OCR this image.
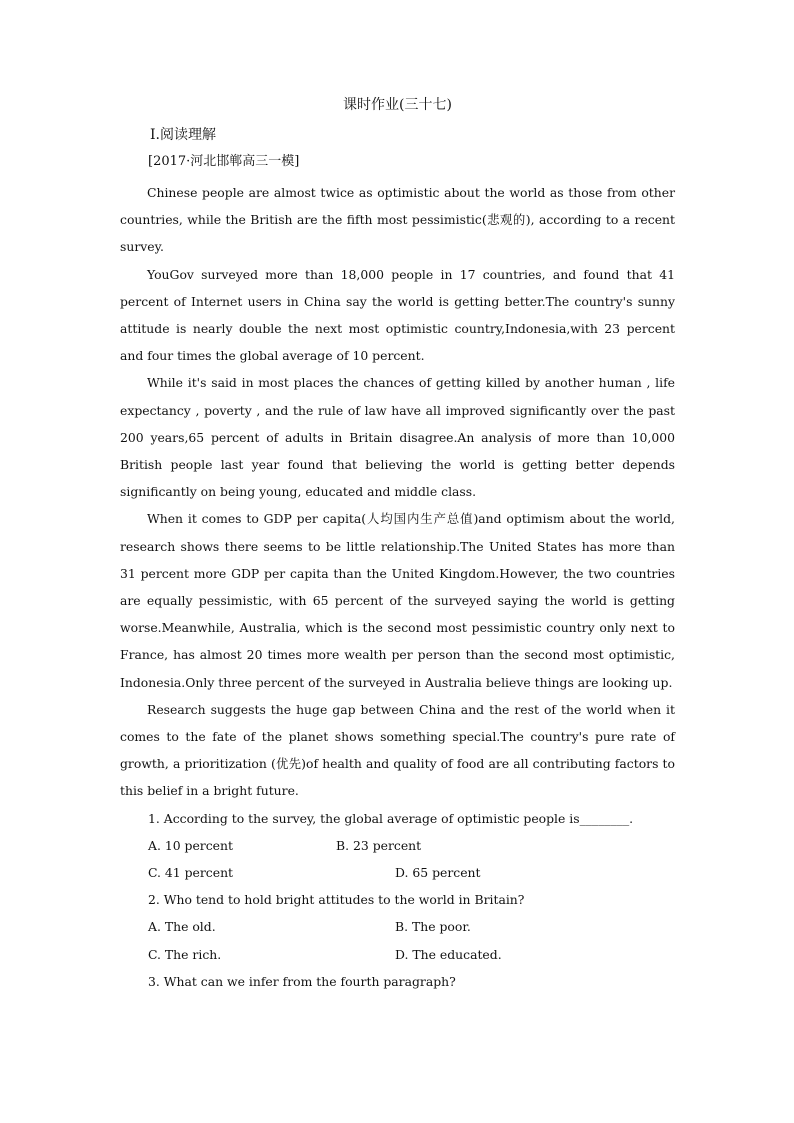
课时作业(三十七)
Ⅰ.阅读理解
[2017·河北邯郸高三一模]

Chinese people are almost twice as optimistic about the world as those from other countries, while the British are the fifth most pessimistic(悲观的), according to a recent survey.

YouGov surveyed more than 18,000 people in 17 countries, and found that 41 percent of Internet users in China say the world is getting better.The country's sunny attitude is nearly double the next most optimistic country,Indonesia,with 23 percent and four times the global average of 10 percent.

While it's said in most places the chances of getting killed by another human , life expectancy , poverty , and the rule of law have all improved significantly over the past 200 years,65 percent of adults in Britain disagree.An analysis of more than 10,000 British people last year found that believing the world is getting better depends significantly on being young, educated and middle class.

When it comes to GDP per capita(人均国内生产总值)and optimism about the world, research shows there seems to be little relationship.The United States has more than 31 percent more GDP per capita than the United Kingdom.However, the two countries are equally pessimistic, with 65 percent of the surveyed saying the world is getting worse.Meanwhile, Australia, which is the second most pessimistic country only next to France, has almost 20 times more wealth per person than the second most optimistic, Indonesia.Only three percent of the surveyed in Australia believe things are looking up.

Research suggests the huge gap between China and the rest of the world when it comes to the fate of the planet shows something special.The country's pure rate of growth, a prioritization (优先)of health and quality of food are all contributing factors to this belief in a bright future.

1. According to the survey, the global average of optimistic people is________.
A. 10 percent	B. 23 percent
C. 41 percent	D. 65 percent
2. Who tend to hold bright attitudes to the world in Britain?
A. The old.	B. The poor.
C. The rich.	D. The educated.
3. What can we infer from the fourth paragraph?
